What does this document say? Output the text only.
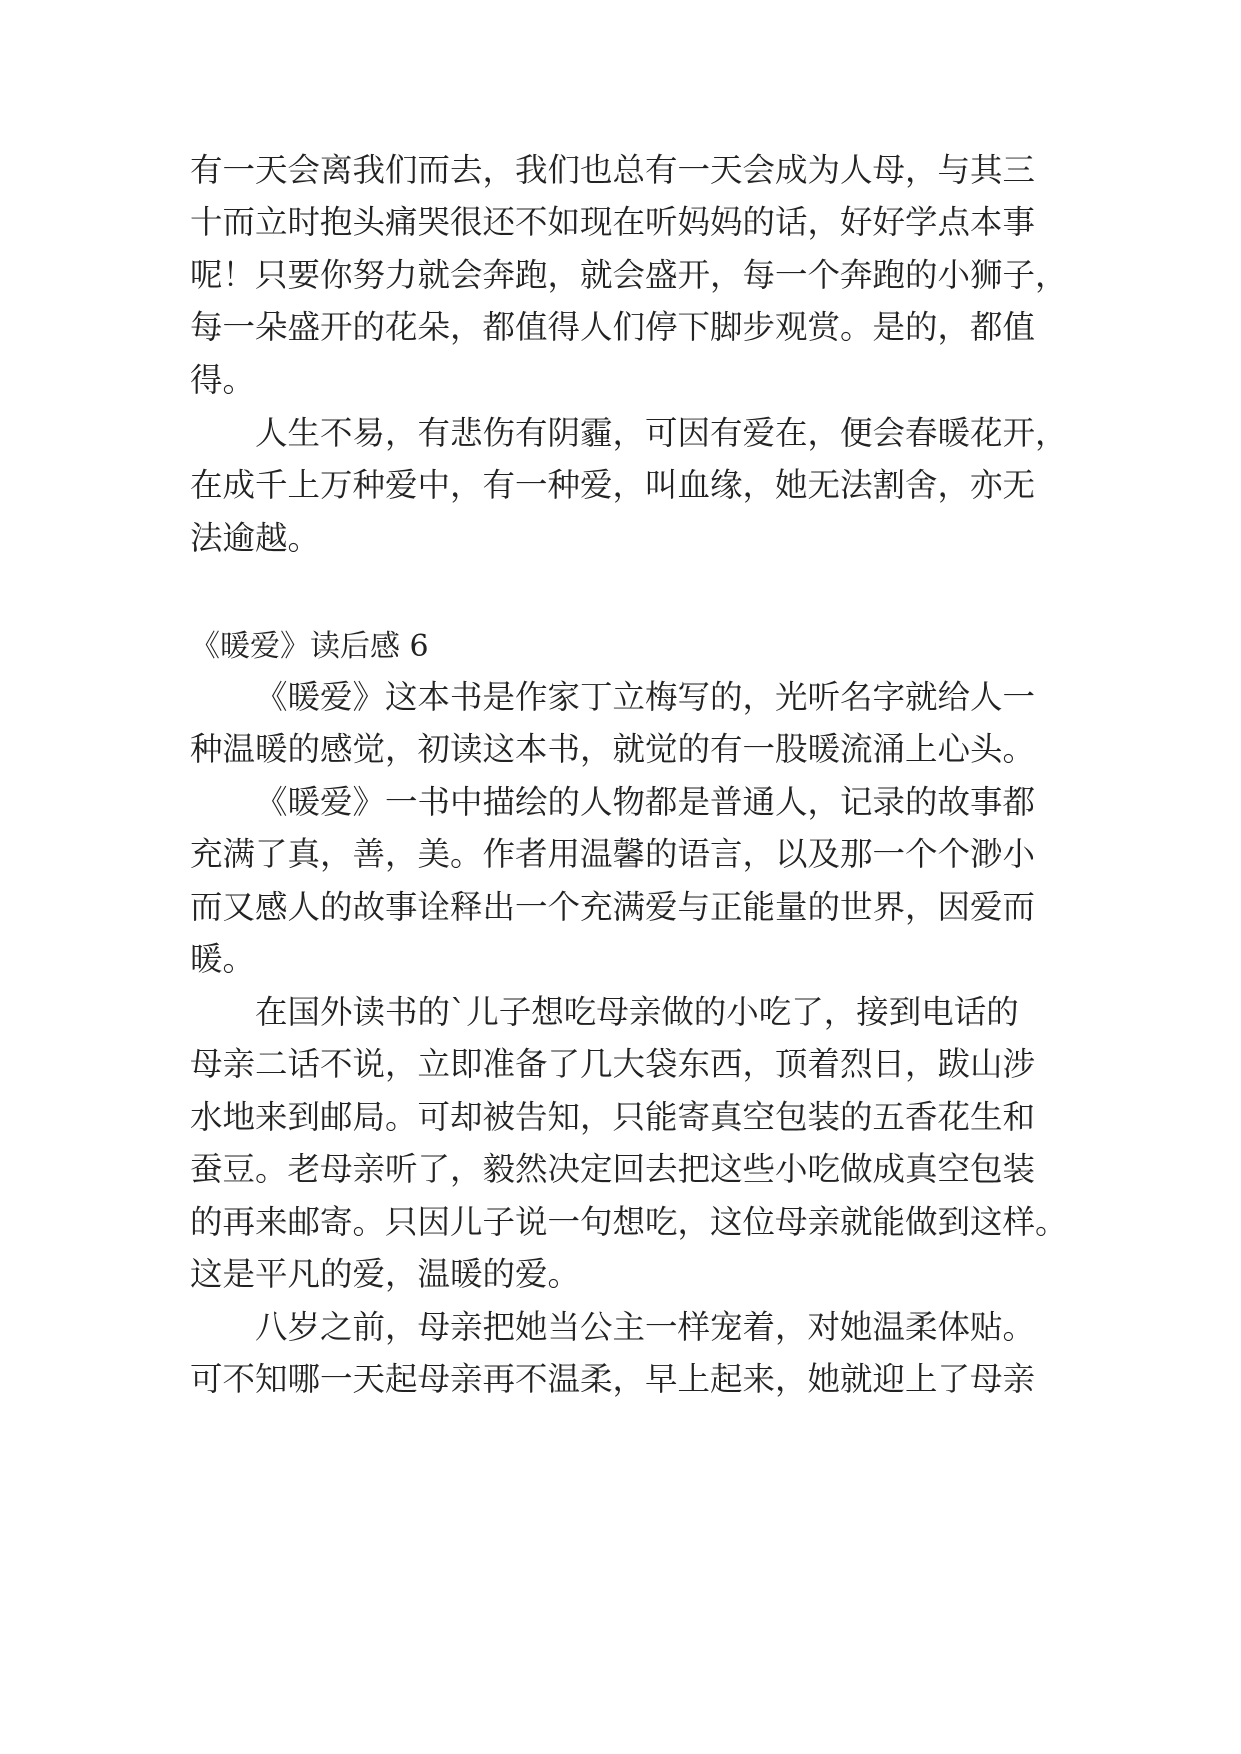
有一天会离我们而去，我们也总有一天会成为人母，与其三
十而立时抱头痛哭很还不如现在听妈妈的话，好好学点本事
呢！只要你努力就会奔跑，就会盛开，每一个奔跑的小狮子，
每一朵盛开的花朵，都值得人们停下脚步观赏。是的，都值
得。
人生不易，有悲伤有阴霾，可因有爱在，便会春暖花开，
在成千上万种爱中，有一种爱，叫血缘，她无法割舍，亦无
法逾越。
《暖爱》读后感 6
《暖爱》这本书是作家丁立梅写的，光听名字就给人一
种温暖的感觉，初读这本书，就觉的有一股暖流涌上心头。
《暖爱》一书中描绘的人物都是普通人，记录的故事都
充满了真，善，美。作者用温馨的语言，以及那一个个渺小
而又感人的故事诠释出一个充满爱与正能量的世界，因爱而
暖。
在国外读书的`儿子想吃母亲做的小吃了，接到电话的
母亲二话不说，立即准备了几大袋东西，顶着烈日，跋山涉
水地来到邮局。可却被告知，只能寄真空包装的五香花生和
蚕豆。老母亲听了，毅然决定回去把这些小吃做成真空包装
的再来邮寄。只因儿子说一句想吃，这位母亲就能做到这样。
这是平凡的爱，温暖的爱。
八岁之前，母亲把她当公主一样宠着，对她温柔体贴。
可不知哪一天起母亲再不温柔，早上起来，她就迎上了母亲
